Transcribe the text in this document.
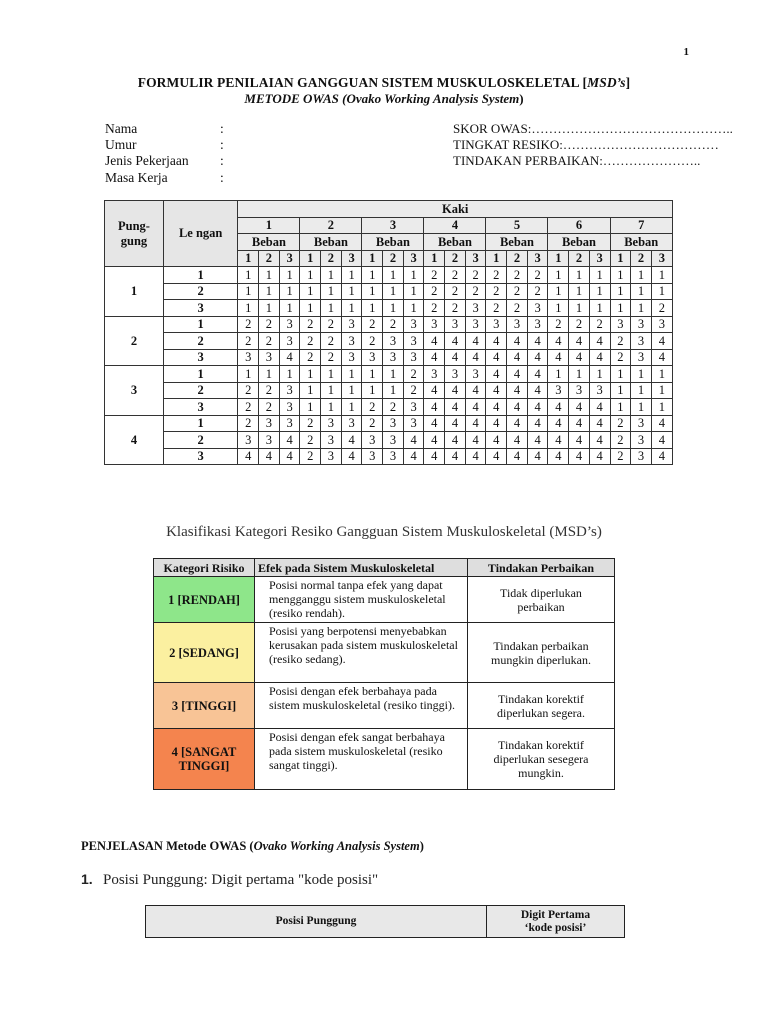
1
FORMULIR PENILAIAN GANGGUAN SISTEM MUSKULOSKELETAL [MSD’s]
METODE OWAS (Ovako Working Analysis System)
Nama	:
Umur	:
Jenis Pekerjaan :
Masa Kerja	:
SKOR OWAS:………………………………………..
TINGKAT RESIKO:………………………………
TINDAKAN PERBAIKAN:…………………..
Pung-gung	Le ngan	Kaki																				
		1			2			3			4			5			6			7		
		Beban			Beban			Beban			Beban			Beban			Beban			Beban		
		1	2	3	1	2	3	1	2	3	1	2	3	1	2	3	1	2	3	1	2	3
1	1	1	1	1	1	1	1	1	1	1	2	2	2	2	2	2	1	1	1	1	1	1
	2	1	1	1	1	1	1	1	1	1	2	2	2	2	2	2	1	1	1	1	1	1
	3	1	1	1	1	1	1	1	1	1	2	2	3	2	2	3	1	1	1	1	1	2
2	1	2	2	3	2	2	3	2	2	3	3	3	3	3	3	3	2	2	2	3	3	3
	2	2	2	3	2	2	3	2	3	3	4	4	4	4	4	4	4	4	4	2	3	4
	3	3	3	4	2	2	3	3	3	3	4	4	4	4	4	4	4	4	4	2	3	4
3	1	1	1	1	1	1	1	1	1	2	3	3	3	4	4	4	1	1	1	1	1	1
	2	2	2	3	1	1	1	1	1	2	4	4	4	4	4	4	3	3	3	1	1	1
	3	2	2	3	1	1	1	2	2	3	4	4	4	4	4	4	4	4	4	1	1	1
4	1	2	3	3	2	3	3	2	3	3	4	4	4	4	4	4	4	4	4	2	3	4
	2	3	3	4	2	3	4	3	3	4	4	4	4	4	4	4	4	4	4	2	3	4
	3	4	4	4	2	3	4	3	3	4	4	4	4	4	4	4	4	4	4	2	3	4
Klasifikasi Kategori Resiko Gangguan Sistem Muskuloskeletal (MSD’s)
Kategori Risiko	Efek pada Sistem Muskuloskeletal	Tindakan Perbaikan
1 [RENDAH]	Posisi normal tanpa efek yang dapat mengganggu sistem muskuloskeletal (resiko rendah).	Tidak diperlukan perbaikan
2 [SEDANG]	Posisi yang berpotensi menyebabkan kerusakan pada sistem muskuloskeletal (resiko sedang).	Tindakan perbaikan mungkin diperlukan.
3 [TINGGI]	Posisi dengan efek berbahaya pada sistem muskuloskeletal (resiko tinggi).	Tindakan korektif diperlukan segera.
4 [SANGAT TINGGI]	Posisi dengan efek sangat berbahaya pada sistem muskuloskeletal (resiko sangat tinggi).	Tindakan korektif diperlukan sesegera mungkin.
PENJELASAN Metode OWAS (Ovako Working Analysis System)
1. Posisi Punggung: Digit pertama "kode posisi"
Posisi Punggung	Digit Pertama
‘kode posisi’
